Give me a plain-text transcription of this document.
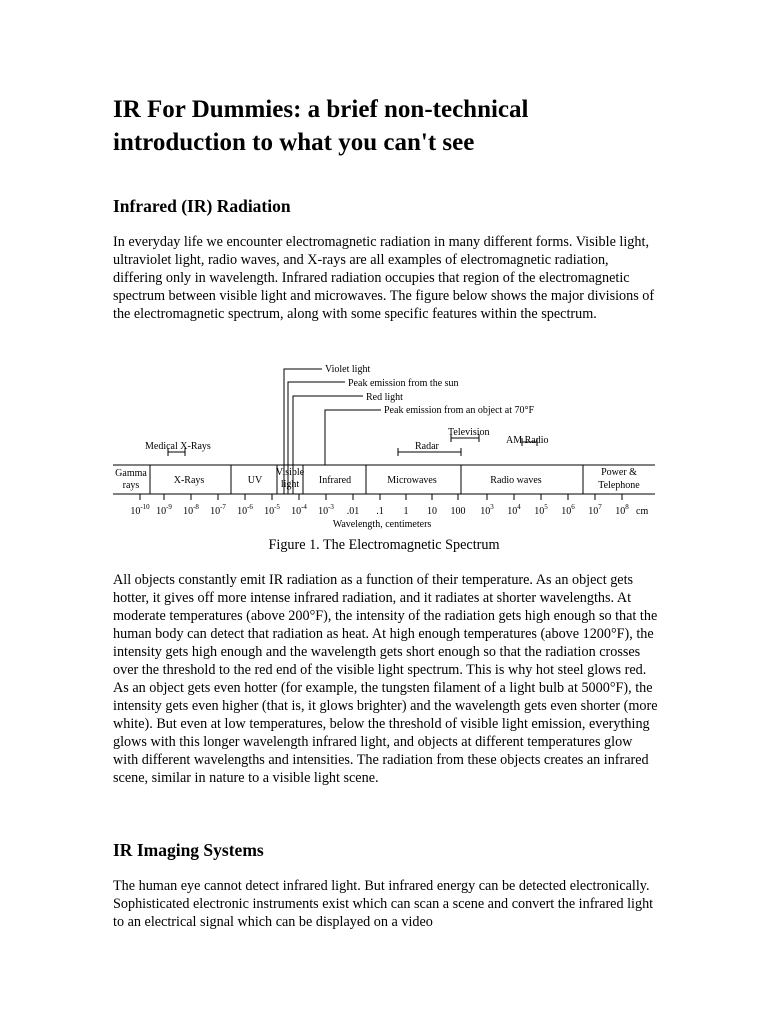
IR For Dummies: a brief non-technical
introduction to what you can't see
Infrared (IR) Radiation

In everyday life we encounter electromagnetic radiation in many different forms. Visible light, ultraviolet light, radio waves, and X-rays are all examples of electromagnetic radiation, differing only in wavelength. Infrared radiation occupies that region of the electromagnetic spectrum between visible light and microwaves. The figure below shows the major divisions of the electromagnetic spectrum, along with some specific features within the spectrum.

All objects constantly emit IR radiation as a function of their temperature. As an object gets hotter, it gives off more intense infrared radiation, and it radiates at shorter wavelengths. At moderate temperatures (above 200°F), the intensity of the radiation gets high enough so that the human body can detect that radiation as heat. At high enough temperatures (above 1200°F), the intensity gets high enough and the wavelength gets short enough so that the radiation crosses over the threshold to the red end of the visible light spectrum. This is why hot steel glows red. As an object gets even hotter (for example, the tungsten filament of a light bulb at 5000°F), the intensity gets even higher (that is, it glows brighter) and the wavelength gets even shorter (more white). But even at low temperatures, below the threshold of visible light emission, everything glows with this longer wavelength infrared light, and objects at different temperatures glow with different wavelengths and intensities. The radiation from these objects creates an infrared scene, similar in nature to a visible light scene.

IR Imaging Systems

The human eye cannot detect infrared light. But infrared energy can be detected electronically. Sophisticated electronic instruments exist which can scan a scene and convert the infrared light to an electrical signal which can be displayed on a video

Violet light
Peak emission from the sun
Red light
Peak emission from an object at 70°F
Medical X-Rays	Radar
Television
AM Radio
Gamma
rays	X-Rays	UV
Visible
light Infrared	Microwaves	Radio waves
Power &
Telephone
$10^{-10}$ $10^{-9}$ $10^{-8}$ $10^{-7}$ $10^{-6}$ $10^{-5}$ $10^{-4}$ $10^{-3}$ .01 .1 1 10 100 $10^3$ $10^4$ $10^5$ $10^6$ $10^7$ $10^8$ cm
Wavelength, centimeters
Figure 1. The Electromagnetic Spectrum
